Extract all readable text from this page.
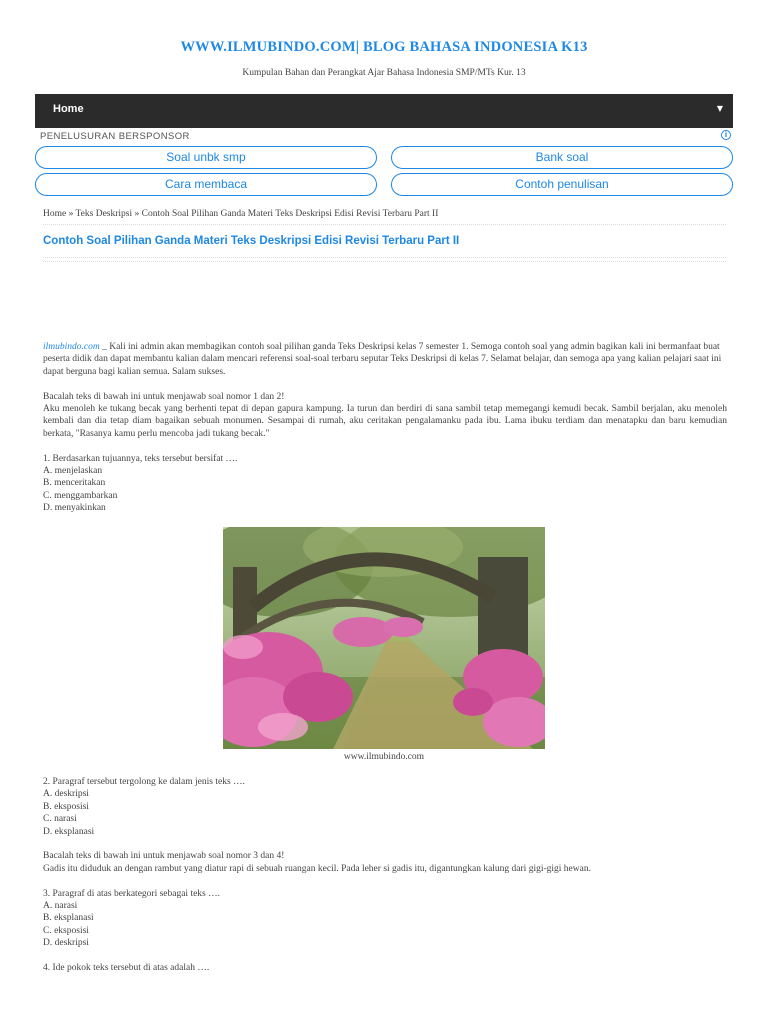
WWW.ILMUBINDO.COM| BLOG BAHASA INDONESIA K13
Kumpulan Bahan dan Perangkat Ajar Bahasa Indonesia SMP/MTs Kur. 13
Home	▼
PENELUSURAN BERSPONSOR	i
Soal unbk smp	Bank soal
Cara membaca	Contoh penulisan
Home » Teks Deskripsi » Contoh Soal Pilihan Ganda Materi Teks Deskripsi Edisi Revisi Terbaru Part II
Contoh Soal Pilihan Ganda Materi Teks Deskripsi Edisi Revisi Terbaru Part II

ilmubindo.com _ Kali ini admin akan membagikan contoh soal pilihan ganda Teks Deskripsi kelas 7 semester 1. Semoga contoh soal yang admin bagikan kali ini bermanfaat buat peserta didik dan dapat membantu kalian dalam mencari referensi soal-soal terbaru seputar Teks Deskripsi di kelas 7. Selamat belajar, dan semoga apa yang kalian pelajari saat ini dapat berguna bagi kalian semua. Salam sukses.

Bacalah teks di bawah ini untuk menjawab soal nomor 1 dan 2!

Aku menoleh ke tukang becak yang berhenti tepat di depan gapura kampung. Ia turun dan berdiri di sana sambil tetap memegangi kemudi becak. Sambil berjalan, aku menoleh kembali dan dia tetap diam bagaikan sebuah monumen. Sesampai di rumah, aku ceritakan pengalamanku pada ibu. Lama ibuku terdiam dan menatapku dan baru kemudian berkata, "Rasanya kamu perlu mencoba jadi tukang becak."

1. Berdasarkan tujuannya, teks tersebut bersifat ….

A. menjelaskan

B. menceritakan

C. menggambarkan

D. menyakinkan

www.ilmubindo.com

2. Paragraf tersebut tergolong ke dalam jenis teks ….

A. deskripsi

B. eksposisi

C. narasi

D. eksplanasi

Bacalah teks di bawah ini untuk menjawab soal nomor 3 dan 4!

Gadis itu diduduk an dengan rambut yang diatur rapi di sebuah ruangan kecil. Pada leher si gadis itu, digantungkan kalung dari gigi-gigi hewan.

3. Paragraf di atas berkategori sebagai teks ….

A. narasi

B. eksplanasi

C. eksposisi

D. deskripsi

4. Ide pokok teks tersebut di atas adalah ….
